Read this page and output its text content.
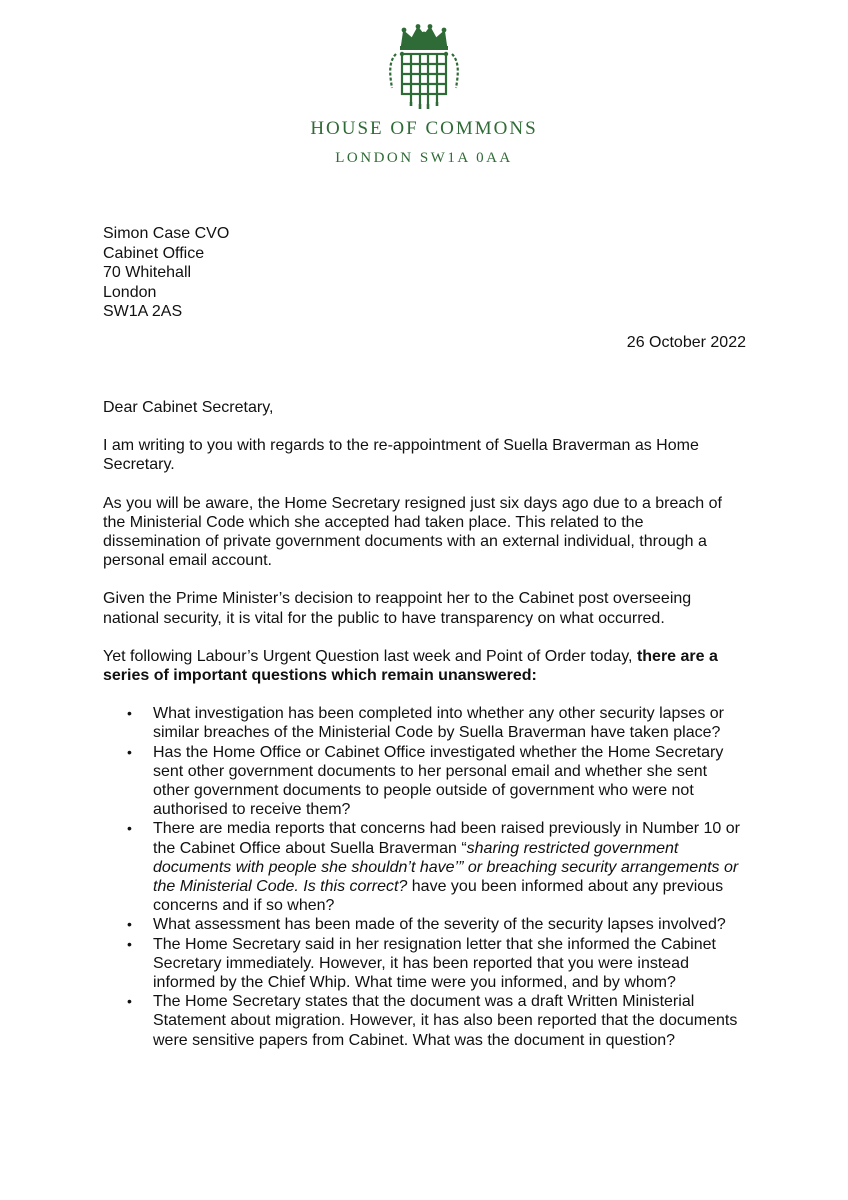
HOUSE OF COMMONS
LONDON SW1A 0AA
Simon Case CVO
Cabinet Office
70 Whitehall
London
SW1A 2AS
26 October 2022

Dear Cabinet Secretary,

I am writing to you with regards to the re-appointment of Suella Braverman as Home Secretary.

As you will be aware, the Home Secretary resigned just six days ago due to a breach of the Ministerial Code which she accepted had taken place. This related to the dissemination of private government documents with an external individual, through a personal email account.

Given the Prime Minister’s decision to reappoint her to the Cabinet post overseeing national security, it is vital for the public to have transparency on what occurred.

Yet following Labour’s Urgent Question last week and Point of Order today, there are a series of important questions which remain unanswered:

• What investigation has been completed into whether any other security lapses or similar breaches of the Ministerial Code by Suella Braverman have taken place?
• Has the Home Office or Cabinet Office investigated whether the Home Secretary sent other government documents to her personal email and whether she sent other government documents to people outside of government who were not authorised to receive them?
• There are media reports that concerns had been raised previously in Number 10 or the Cabinet Office about Suella Braverman “sharing restricted government documents with people she shouldn’t have’” or breaching security arrangements or the Ministerial Code. Is this correct? have you been informed about any previous concerns and if so when?
• What assessment has been made of the severity of the security lapses involved?
• The Home Secretary said in her resignation letter that she informed the Cabinet Secretary immediately. However, it has been reported that you were instead informed by the Chief Whip. What time were you informed, and by whom?
• The Home Secretary states that the document was a draft Written Ministerial Statement about migration. However, it has also been reported that the documents were sensitive papers from Cabinet. What was the document in question?
